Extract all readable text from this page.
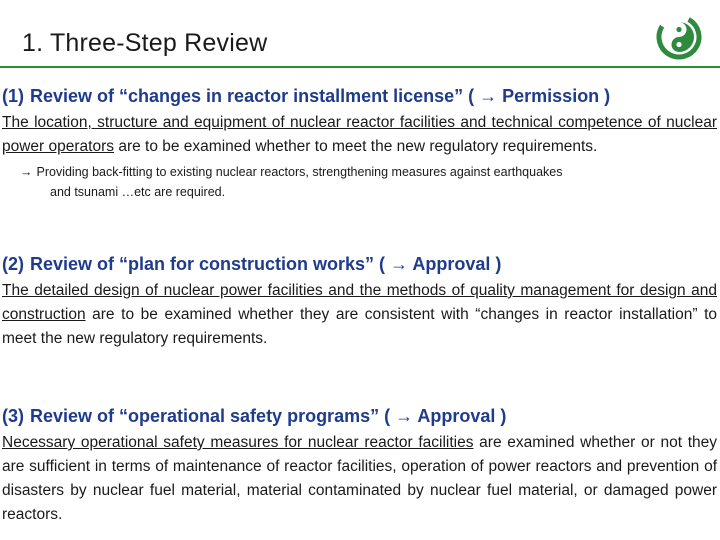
1. Three-Step Review
(1) Review of “changes in reactor installment license” ( → Permission )
The location, structure and equipment of nuclear reactor facilities and technical competence of nuclear power operators are to be examined whether to meet the new regulatory requirements.
→ Providing back-fitting to existing nuclear reactors, strengthening measures against earthquakes
and tsunami …etc are required.
(2) Review of “plan for construction works” ( → Approval )
The detailed design of nuclear power facilities and the methods of quality management for design and construction are to be examined whether they are consistent with “changes in reactor installation” to meet the new regulatory requirements.
(3) Review of “operational safety programs” ( → Approval )
Necessary operational safety measures for nuclear reactor facilities are examined whether or not they are sufficient in terms of maintenance of reactor facilities, operation of power reactors and prevention of disasters by nuclear fuel material, material contaminated by nuclear fuel material, or damaged power reactors.
